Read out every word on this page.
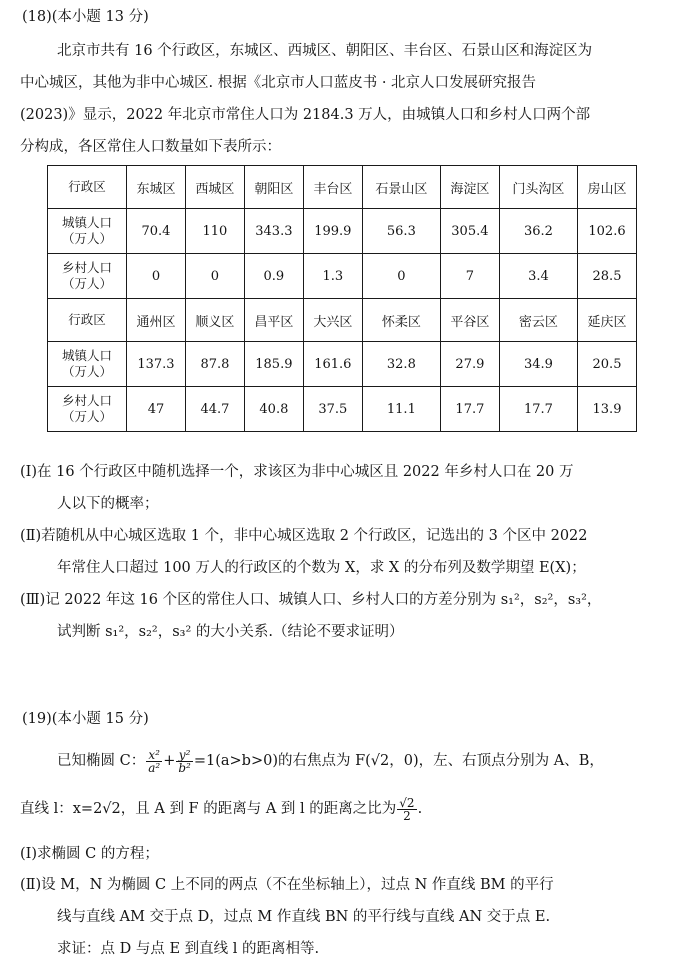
(18)(本小题 13 分)
北京市共有 16 个行政区，东城区、西城区、朝阳区、丰台区、石景山区和海淀区为
中心城区，其他为非中心城区. 根据《北京市人口蓝皮书 · 北京人口发展研究报告
(2023)》显示，2022 年北京市常住人口为 2184.3 万人，由城镇人口和乡村人口两个部
分构成，各区常住人口数量如下表所示：
行政区	东城区	西城区	朝阳区	丰台区	石景山区	海淀区	门头沟区	房山区
城镇人口
（万人）	70.4	110	343.3	199.9	56.3	305.4	36.2	102.6
乡村人口
（万人）	0	0	0.9	1.3	0	7	3.4	28.5
行政区	通州区	顺义区	昌平区	大兴区	怀柔区	平谷区	密云区	延庆区
城镇人口
（万人）	137.3	87.8	185.9	161.6	32.8	27.9	34.9	20.5
乡村人口
（万人）	47	44.7	40.8	37.5	11.1	17.7	17.7	13.9
(Ⅰ)在 16 个行政区中随机选择一个，求该区为非中心城区且 2022 年乡村人口在 20 万
人以下的概率；
(Ⅱ)若随机从中心城区选取 1 个，非中心城区选取 2 个行政区，记选出的 3 个区中 2022
年常住人口超过 100 万人的行政区的个数为 X，求 X 的分布列及数学期望 E(X)；
(Ⅲ)记 2022 年这 16 个区的常住人口、城镇人口、乡村人口的方差分别为 s₁²，s₂²，s₃²，
试判断 s₁²，s₂²，s₃² 的大小关系.（结论不要求证明）
(19)(本小题 15 分)
已知椭圆 C： $\frac{\text{x²}}{\text{a²}} + \frac{\text{y²}}{\text{b²}} =1(a>b>0)$的右焦点为 F(√2，0)，左、右顶点分别为 A、B，
直线 l：x=2√2，且 A 到 F 的距离与 A 到 l 的距离之比为 $\frac{√2}{2}$ .
(Ⅰ)求椭圆 C 的方程；
(Ⅱ)设 M，N 为椭圆 C 上不同的两点（不在坐标轴上），过点 N 作直线 BM 的平行
线与直线 AM 交于点 D，过点 M 作直线 BN 的平行线与直线 AN 交于点 E.
求证：点 D 与点 E 到直线 l 的距离相等.
